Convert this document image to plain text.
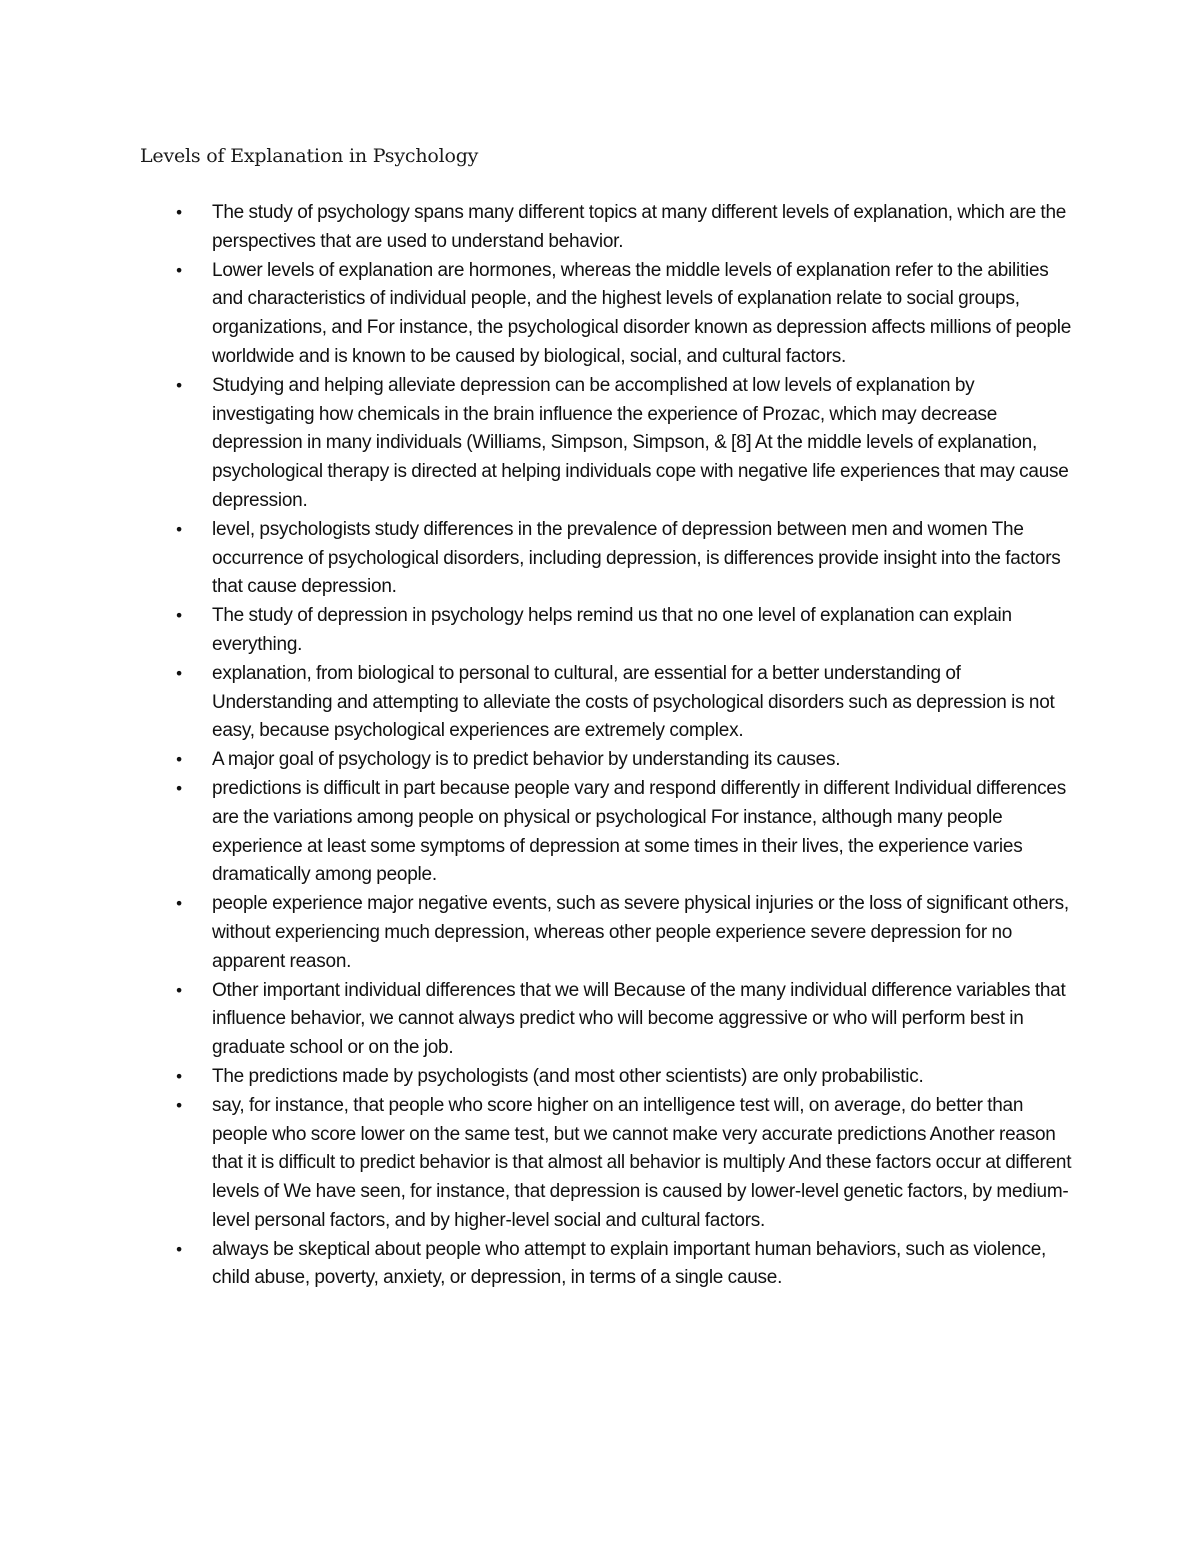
Levels of Explanation in Psychology
• The study of psychology spans many different topics at many different levels of explanation, which are the perspectives that are used to understand behavior.
• Lower levels of explanation are hormones, whereas the middle levels of explanation refer to the abilities and characteristics of individual people, and the highest levels of explanation relate to social groups, organizations, and For instance, the psychological disorder known as depression affects millions of people worldwide and is known to be caused by biological, social, and cultural factors.
• Studying and helping alleviate depression can be accomplished at low levels of explanation by investigating how chemicals in the brain influence the experience of Prozac, which may decrease depression in many individuals (Williams, Simpson, Simpson, & [8] At the middle levels of explanation, psychological therapy is directed at helping individuals cope with negative life experiences that may cause depression.
• level, psychologists study differences in the prevalence of depression between men and women The occurrence of psychological disorders, including depression, is differences provide insight into the factors that cause depression.
• The study of depression in psychology helps remind us that no one level of explanation can explain everything.
• explanation, from biological to personal to cultural, are essential for a better understanding of Understanding and attempting to alleviate the costs of psychological disorders such as depression is not easy, because psychological experiences are extremely complex.
• A major goal of psychology is to predict behavior by understanding its causes.
• predictions is difficult in part because people vary and respond differently in different Individual differences are the variations among people on physical or psychological For instance, although many people experience at least some symptoms of depression at some times in their lives, the experience varies dramatically among people.
• people experience major negative events, such as severe physical injuries or the loss of significant others, without experiencing much depression, whereas other people experience severe depression for no apparent reason.
• Other important individual differences that we will Because of the many individual difference variables that influence behavior, we cannot always predict who will become aggressive or who will perform best in graduate school or on the job.
• The predictions made by psychologists (and most other scientists) are only probabilistic.
• say, for instance, that people who score higher on an intelligence test will, on average, do better than people who score lower on the same test, but we cannot make very accurate predictions Another reason that it is difficult to predict behavior is that almost all behavior is multiply And these factors occur at different levels of We have seen, for instance, that depression is caused by lower-level genetic factors, by medium-level personal factors, and by higher-level social and cultural factors.
• always be skeptical about people who attempt to explain important human behaviors, such as violence, child abuse, poverty, anxiety, or depression, in terms of a single cause.
